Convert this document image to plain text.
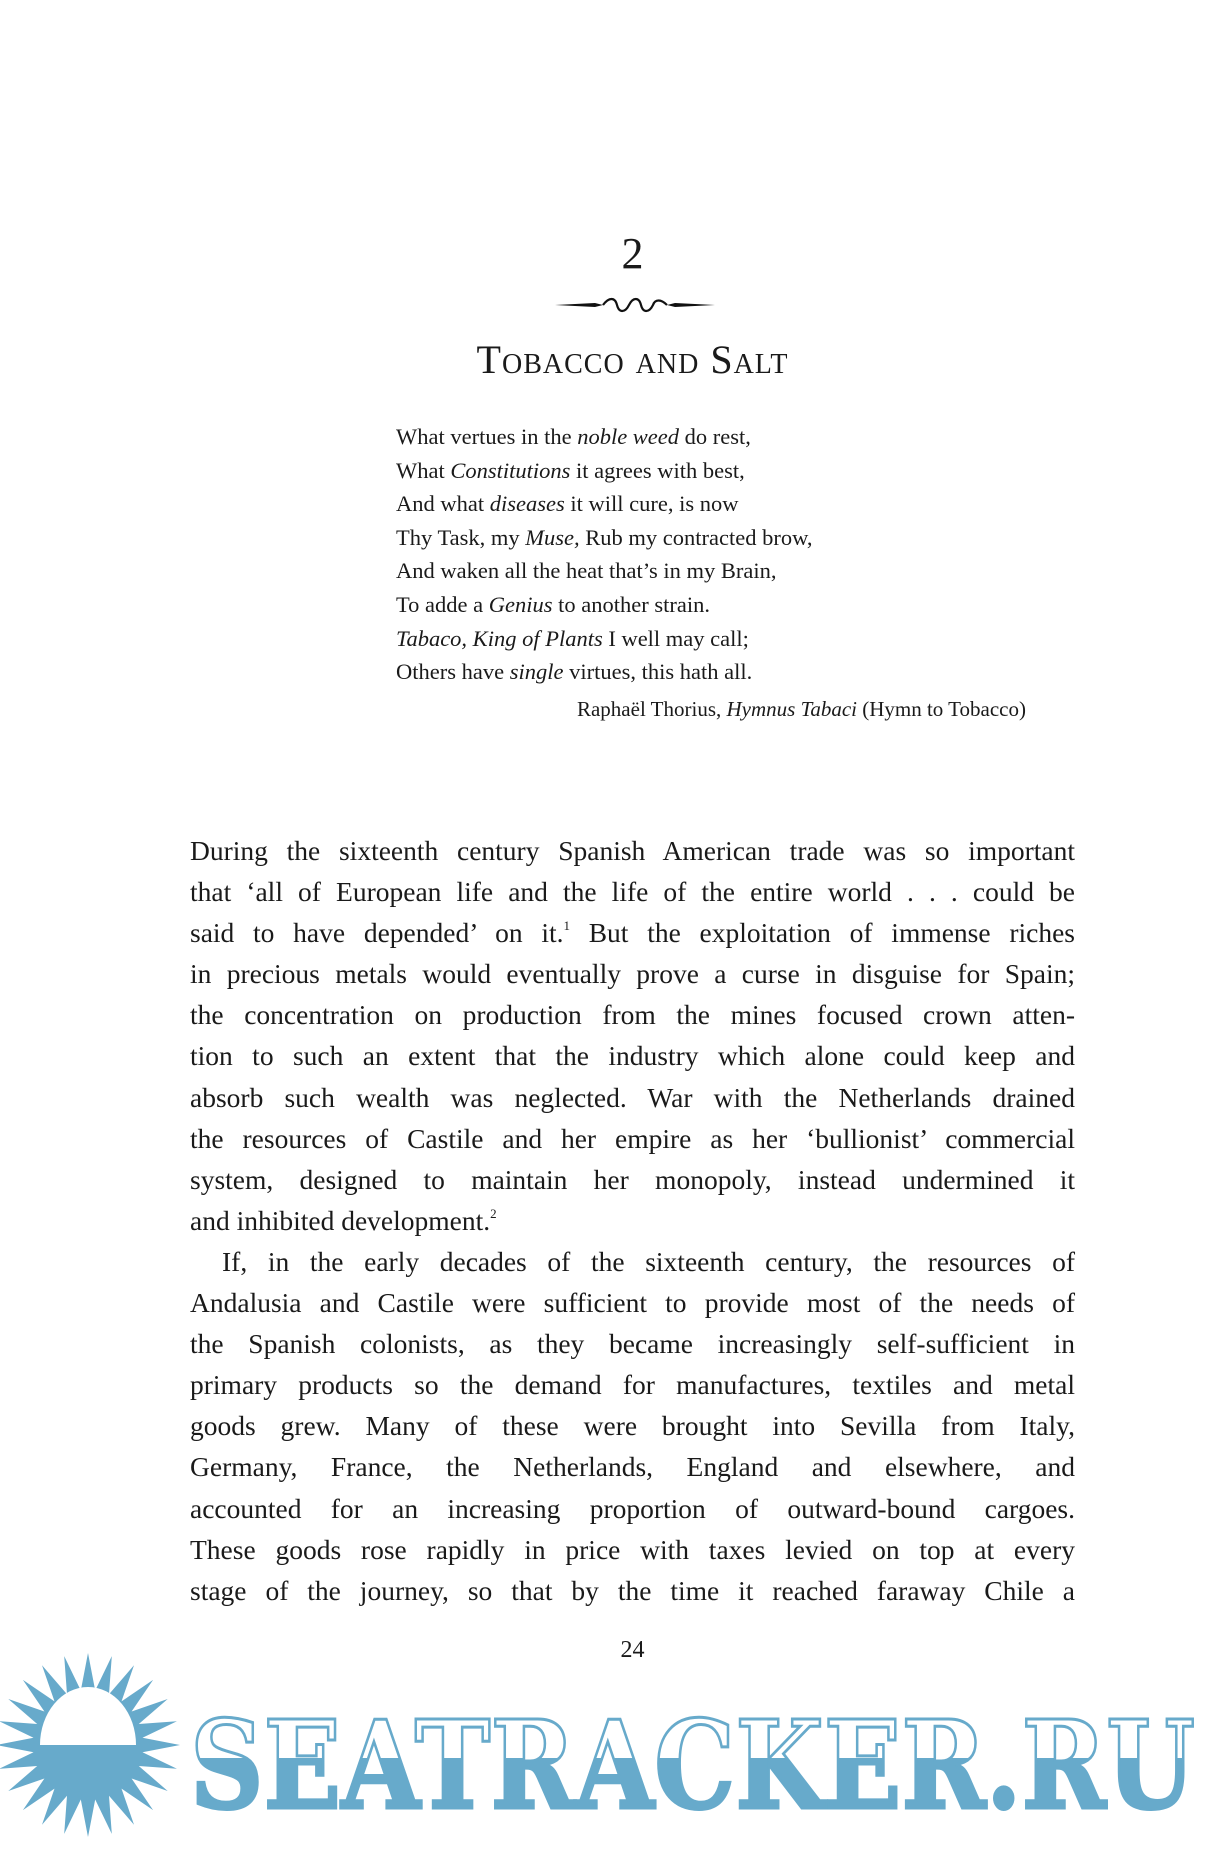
2
Tobacco and Salt
What vertues in the noble weed do rest,
What Constitutions it agrees with best,
And what diseases it will cure, is now
Thy Task, my Muse, Rub my contracted brow,
And waken all the heat that’s in my Brain,
To adde a Genius to another strain.
Tabaco, King of Plants I well may call;
Others have single virtues, this hath all.
Raphaël Thorius, Hymnus Tabaci (Hymn to Tobacco)
During the sixteenth century Spanish American trade was so important
that ‘all of European life and the life of the entire world . . . could be
said to have depended’ on it.$^1$ But the exploitation of immense riches
in precious metals would eventually prove a curse in disguise for Spain;
the concentration on production from the mines focused crown atten-
tion to such an extent that the industry which alone could keep and
absorb such wealth was neglected. War with the Netherlands drained
the resources of Castile and her empire as her ‘bullionist’ commercial
system, designed to maintain her monopoly, instead undermined it
and inhibited development.$^2$
If, in the early decades of the sixteenth century, the resources of
Andalusia and Castile were sufficient to provide most of the needs of
the Spanish colonists, as they became increasingly self-sufficient in
primary products so the demand for manufactures, textiles and metal
goods grew. Many of these were brought into Sevilla from Italy,
Germany, France, the Netherlands, England and elsewhere, and
accounted for an increasing proportion of outward-bound cargoes.
These goods rose rapidly in price with taxes levied on top at every
stage of the journey, so that by the time it reached faraway Chile a
24
SEATRACKER.RU
